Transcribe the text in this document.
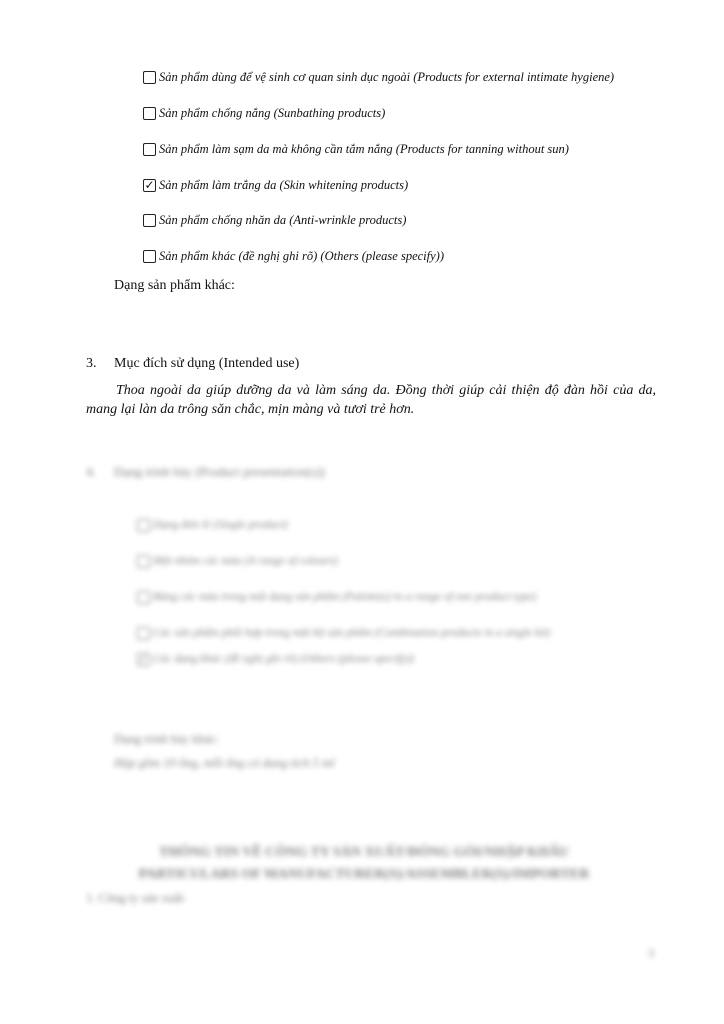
Sản phẩm dùng để vệ sinh cơ quan sinh dục ngoài (Products for external intimate hygiene)
Sản phẩm chống nắng (Sunbathing products)
Sản phẩm làm sạm da mà không cần tắm nắng (Products for tanning without sun)
✓ Sản phẩm làm trắng da (Skin whitening products)
Sản phẩm chống nhăn da (Anti-wrinkle products)
Sản phẩm khác (đề nghị ghi rõ) (Others (please specify))
Dạng sản phẩm khác:
3. Mục đích sử dụng (Intended use)
Thoa ngoài da giúp dưỡng da và làm sáng da. Đồng thời giúp cải thiện độ đàn hồi của da, mang lại làn da trông săn chắc, mịn màng và tươi trẻ hơn.
4. Dạng trình bày (Product presentation(s))
Dạng đơn lẻ (Single product)
Một nhóm các màu (A range of colours)
Bảng các màu trong một dạng sản phẩm (Palette(s) in a range of one product type)
Các sản phẩm phối hợp trong một bộ sản phẩm (Combination products in a single kit)
✓ Các dạng khác (đề nghị ghi rõ) (Others (please specify))
Dạng trình bày khác:
Hộp gồm 10 ống, mỗi ống có dung tích 5 ml
THÔNG TIN VỀ CÔNG TY SẢN XUẤT/ĐÓNG GÓI/NHẬP KHẨU
PARTICULARS OF MANUFACTURER(S)/ASSEMBLER(S)/IMPORTER
1. Công ty sản xuất:
3
